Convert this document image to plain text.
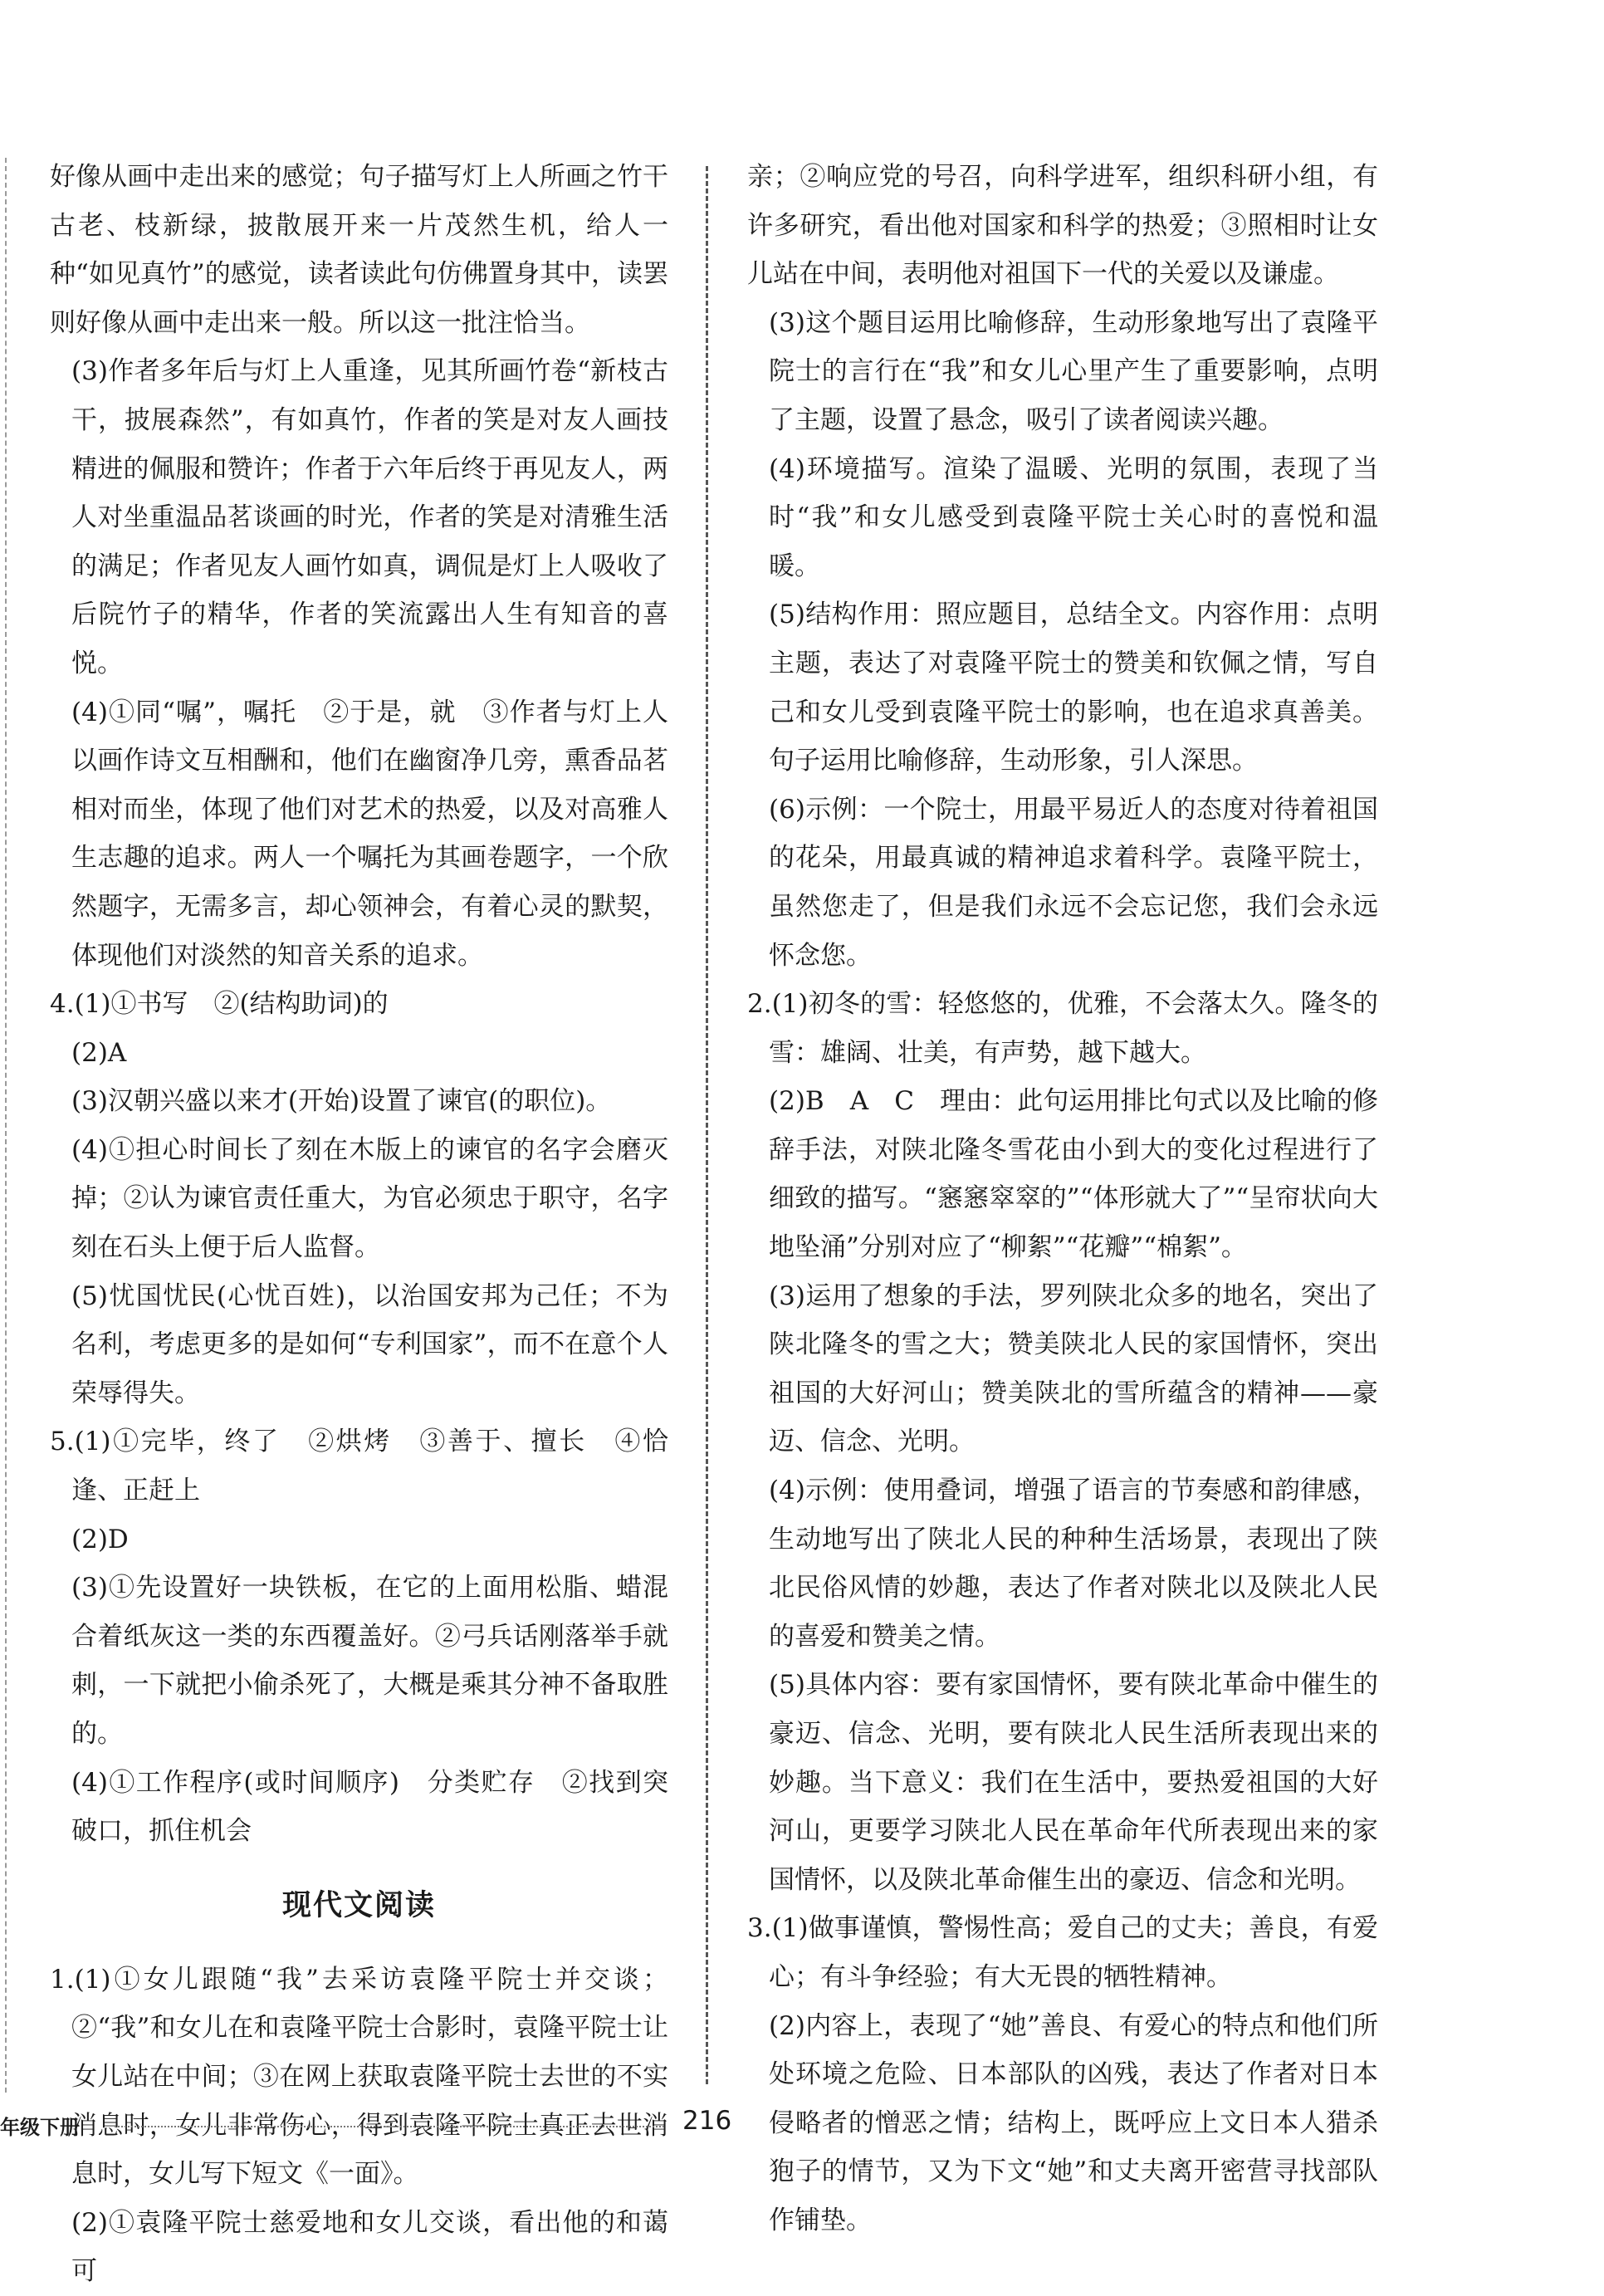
好像从画中走出来的感觉；句子描写灯上人所画之竹干古老、枝新绿，披散展开来一片茂然生机，给人一种“如见真竹”的感觉，读者读此句仿佛置身其中，读罢则好像从画中走出来一般。所以这一批注恰当。

(3)作者多年后与灯上人重逢，见其所画竹卷“新枝古干，披展森然”，有如真竹，作者的笑是对友人画技精进的佩服和赞许；作者于六年后终于再见友人，两人对坐重温品茗谈画的时光，作者的笑是对清雅生活的满足；作者见友人画竹如真，调侃是灯上人吸收了后院竹子的精华，作者的笑流露出人生有知音的喜悦。

(4)①同“嘱”，嘱托　②于是，就　③作者与灯上人以画作诗文互相酬和，他们在幽窗净几旁，熏香品茗相对而坐，体现了他们对艺术的热爱，以及对高雅人生志趣的追求。两人一个嘱托为其画卷题字，一个欣然题字，无需多言，却心领神会，有着心灵的默契，体现他们对淡然的知音关系的追求。

4.(1)①书写　②(结构助词)的

(2)A

(3)汉朝兴盛以来才(开始)设置了谏官(的职位)。

(4)①担心时间长了刻在木版上的谏官的名字会磨灭掉；②认为谏官责任重大，为官必须忠于职守，名字刻在石头上便于后人监督。

(5)忧国忧民(心忧百姓)，以治国安邦为己任；不为名利，考虑更多的是如何“专利国家”，而不在意个人荣辱得失。

5.(1)①完毕，终了　②烘烤　③善于、擅长　④恰逢、正赶上

(2)D

(3)①先设置好一块铁板，在它的上面用松脂、蜡混合着纸灰这一类的东西覆盖好。②弓兵话刚落举手就刺，一下就把小偷杀死了，大概是乘其分神不备取胜的。

(4)①工作程序(或时间顺序)　分类贮存　②找到突破口，抓住机会

现代文阅读

1.(1)①女儿跟随“我”去采访袁隆平院士并交谈；②“我”和女儿在和袁隆平院士合影时，袁隆平院士让女儿站在中间；③在网上获取袁隆平院士去世的不实消息时，女儿非常伤心，得到袁隆平院士真正去世消息时，女儿写下短文《一面》。

(2)①袁隆平院士慈爱地和女儿交谈，看出他的和蔼可

亲；②响应党的号召，向科学进军，组织科研小组，有许多研究，看出他对国家和科学的热爱；③照相时让女儿站在中间，表明他对祖国下一代的关爱以及谦虚。

(3)这个题目运用比喻修辞，生动形象地写出了袁隆平院士的言行在“我”和女儿心里产生了重要影响，点明了主题，设置了悬念，吸引了读者阅读兴趣。

(4)环境描写。渲染了温暖、光明的氛围，表现了当时“我”和女儿感受到袁隆平院士关心时的喜悦和温暖。

(5)结构作用：照应题目，总结全文。内容作用：点明主题，表达了对袁隆平院士的赞美和钦佩之情，写自己和女儿受到袁隆平院士的影响，也在追求真善美。句子运用比喻修辞，生动形象，引人深思。

(6)示例：一个院士，用最平易近人的态度对待着祖国的花朵，用最真诚的精神追求着科学。袁隆平院士，虽然您走了，但是我们永远不会忘记您，我们会永远怀念您。

2.(1)初冬的雪：轻悠悠的，优雅，不会落太久。隆冬的雪：雄阔、壮美，有声势，越下越大。

(2)B　A　C　理由：此句运用排比句式以及比喻的修辞手法，对陕北隆冬雪花由小到大的变化过程进行了细致的描写。“窸窸窣窣的”“体形就大了”“呈帘状向大地坠涌”分别对应了“柳絮”“花瓣”“棉絮”。

(3)运用了想象的手法，罗列陕北众多的地名，突出了陕北隆冬的雪之大；赞美陕北人民的家国情怀，突出祖国的大好河山；赞美陕北的雪所蕴含的精神——豪迈、信念、光明。

(4)示例：使用叠词，增强了语言的节奏感和韵律感，生动地写出了陕北人民的种种生活场景，表现出了陕北民俗风情的妙趣，表达了作者对陕北以及陕北人民的喜爱和赞美之情。

(5)具体内容：要有家国情怀，要有陕北革命中催生的豪迈、信念、光明，要有陕北人民生活所表现出来的妙趣。当下意义：我们在生活中，要热爱祖国的大好河山，更要学习陕北人民在革命年代所表现出来的家国情怀，以及陕北革命催生出的豪迈、信念和光明。

3.(1)做事谨慎，警惕性高；爱自己的丈夫；善良，有爱心；有斗争经验；有大无畏的牺牲精神。

(2)内容上，表现了“她”善良、有爱心的特点和他们所处环境之危险、日本部队的凶残，表达了作者对日本侵略者的憎恶之情；结构上，既呼应上文日本人猎杀狍子的情节，又为下文“她”和丈夫离开密营寻找部队作铺垫。

年级下册	216
